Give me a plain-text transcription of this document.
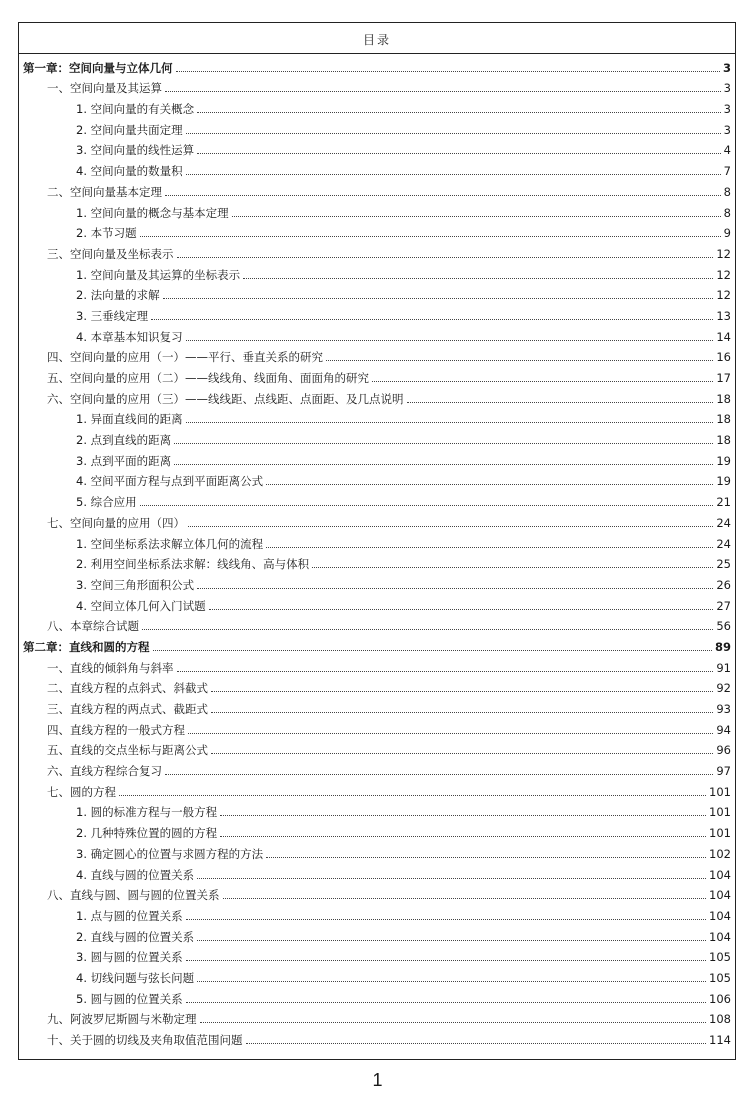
目录
第一章：空间向量与立体几何	3
一、空间向量及其运算	3
1. 空间向量的有关概念	3
2. 空间向量共面定理	3
3. 空间向量的线性运算	4
4. 空间向量的数量积	7
二、空间向量基本定理	8
1. 空间向量的概念与基本定理	8
2. 本节习题	9
三、空间向量及坐标表示	12
1. 空间向量及其运算的坐标表示	12
2. 法向量的求解	12
3. 三垂线定理	13
4. 本章基本知识复习	14
四、空间向量的应用（一）——平行、垂直关系的研究	16
五、空间向量的应用（二）——线线角、线面角、面面角的研究	17
六、空间向量的应用（三）——线线距、点线距、点面距、及几点说明	18
1. 异面直线间的距离	18
2. 点到直线的距离	18
3. 点到平面的距离	19
4. 空间平面方程与点到平面距离公式	19
5. 综合应用	21
七、空间向量的应用（四）	24
1. 空间坐标系法求解立体几何的流程	24
2. 利用空间坐标系法求解：线线角、高与体积	25
3. 空间三角形面积公式	26
4. 空间立体几何入门试题	27
八、本章综合试题	56
第二章：直线和圆的方程	89
一、直线的倾斜角与斜率	91
二、直线方程的点斜式、斜截式	92
三、直线方程的两点式、截距式	93
四、直线方程的一般式方程	94
五、直线的交点坐标与距离公式	96
六、直线方程综合复习	97
七、圆的方程	101
1. 圆的标准方程与一般方程	101
2. 几种特殊位置的圆的方程	101
3. 确定圆心的位置与求圆方程的方法	102
4. 直线与圆的位置关系	104
八、直线与圆、圆与圆的位置关系	104
1. 点与圆的位置关系	104
2. 直线与圆的位置关系	104
3. 圆与圆的位置关系	105
4. 切线问题与弦长问题	105
5. 圆与圆的位置关系	106
九、阿波罗尼斯圆与米勒定理	108
十、关于圆的切线及夹角取值范围问题	114
1
